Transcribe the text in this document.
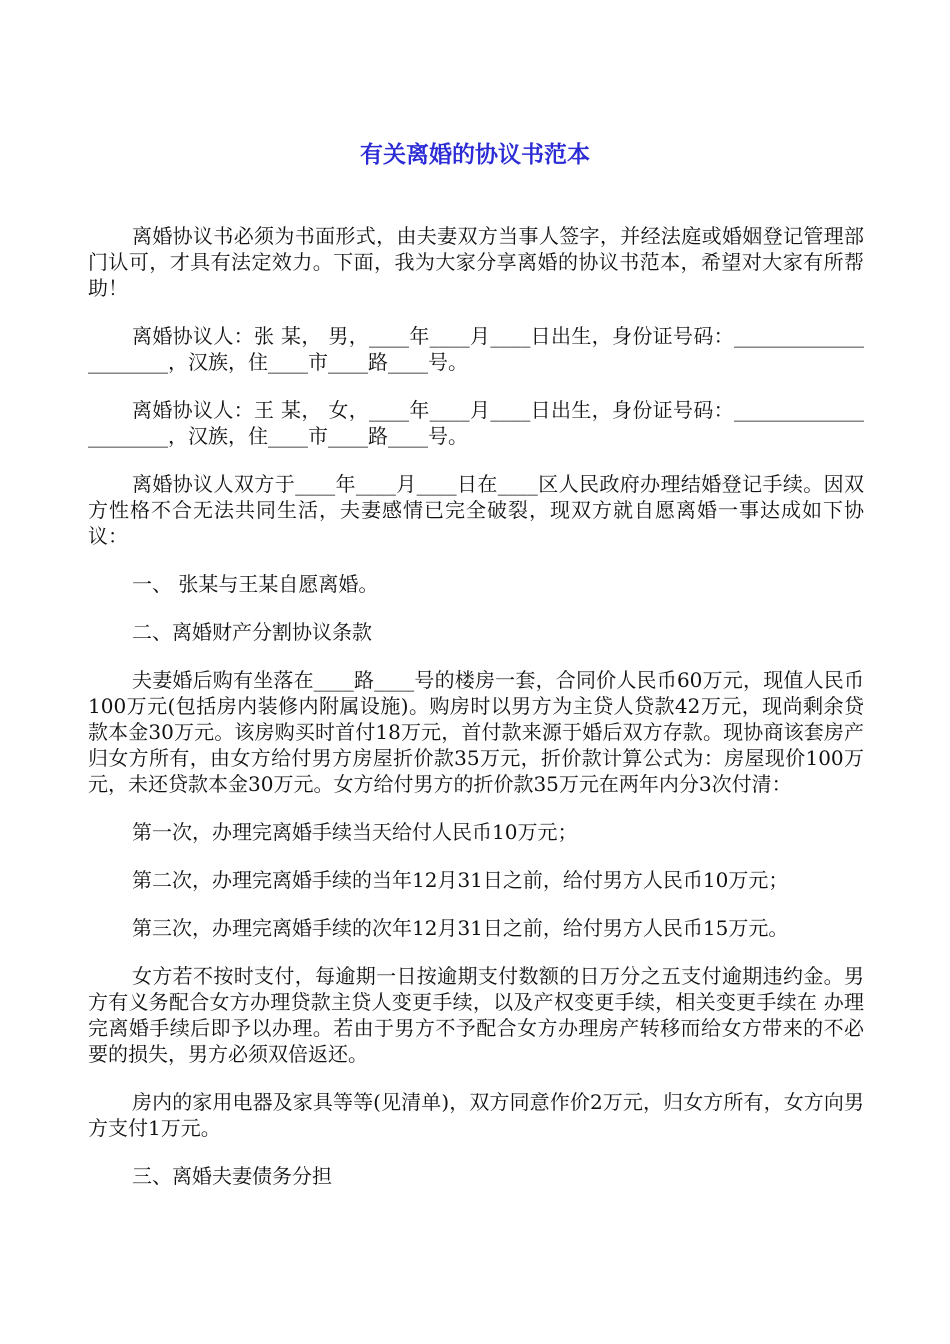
有关离婚的协议书范本

离婚协议书必须为书面形式，由夫妻双方当事人签字，并经法庭或婚姻登记管理部门认可，才具有法定效力。下面，我为大家分享离婚的协议书范本，希望对大家有所帮助！

离婚协议人：张 某， 男，____年____月____日出生，身份证号码：_____________________，汉族，住____市____路____号。

离婚协议人：王 某， 女，____年____月____日出生，身份证号码：_____________________，汉族，住____市____路____号。

离婚协议人双方于____年____月____日在____区人民政府办理结婚登记手续。因双方性格不合无法共同生活，夫妻感情已完全破裂，现双方就自愿离婚一事达成如下协议：

一、 张某与王某自愿离婚。

二、离婚财产分割协议条款

夫妻婚后购有坐落在____路____号的楼房一套，合同价人民币60万元，现值人民币100万元(包括房内装修内附属设施)。购房时以男方为主贷人贷款42万元，现尚剩余贷款本金30万元。该房购买时首付18万元，首付款来源于婚后双方存款。现协商该套房产归女方所有，由女方给付男方房屋折价款35万元，折价款计算公式为：房屋现价100万元，未还贷款本金30万元。女方给付男方的折价款35万元在两年内分3次付清：

第一次，办理完离婚手续当天给付人民币10万元；

第二次，办理完离婚手续的当年12月31日之前，给付男方人民币10万元；

第三次，办理完离婚手续的次年12月31日之前，给付男方人民币15万元。

女方若不按时支付，每逾期一日按逾期支付数额的日万分之五支付逾期违约金。男方有义务配合女方办理贷款主贷人变更手续，以及产权变更手续，相关变更手续在 办理完离婚手续后即予以办理。若由于男方不予配合女方办理房产转移而给女方带来的不必要的损失，男方必须双倍返还。

房内的家用电器及家具等等(见清单)，双方同意作价2万元，归女方所有，女方向男方支付1万元。

三、离婚夫妻债务分担
